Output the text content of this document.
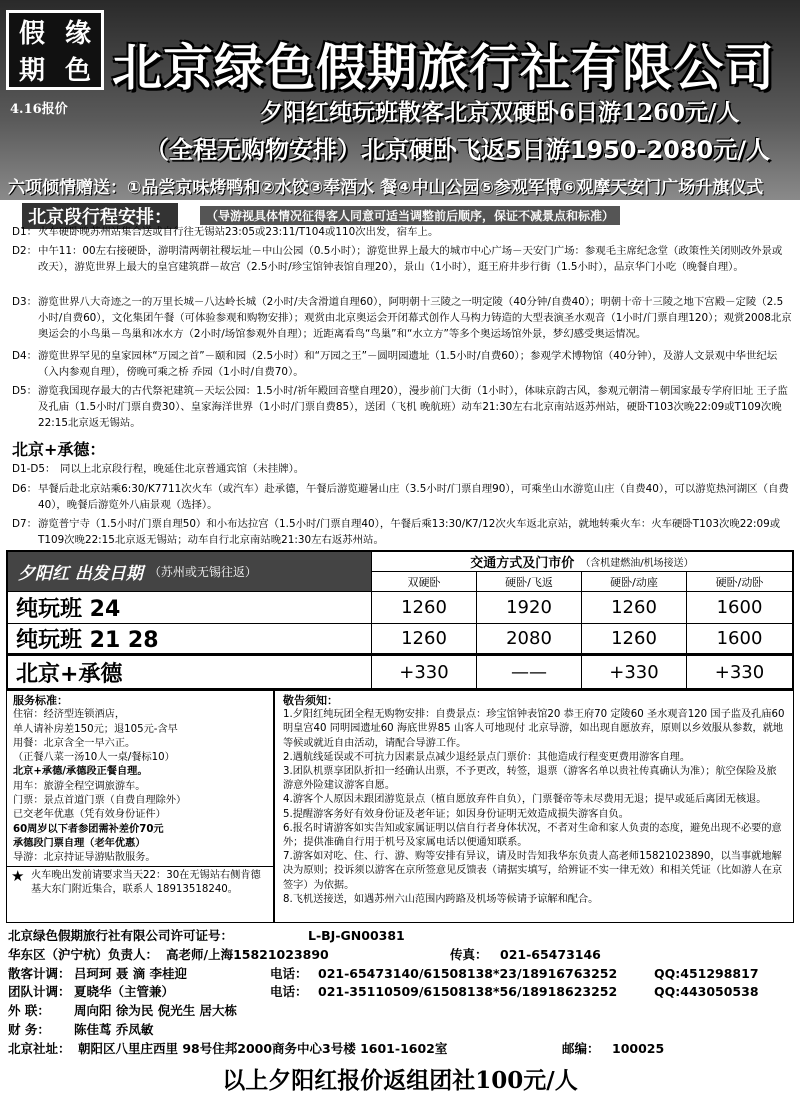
假 缘
期 色
4.16报价
北京绿色假期旅行社有限公司
夕阳红纯玩班散客北京双硬卧6日游1260元/人
（全程无购物安排）北京硬卧飞返5日游1950-2080元/人
六项倾情赠送：①品尝京味烤鸭和②水饺③奉酒水 餐④中山公园⑤参观军博⑥观摩天安门广场升旗仪式
北京段行程安排：	（导游视具体情况征得客人同意可适当调整前后顺序，保证不减景点和标准）
D1： 火车硬卧晚苏州站集合送或自行往无锡站23:05或23:11/T104或110次出发，宿车上。
D2： 中午11：00左右接硬卧，游明清两朝社稷坛址－中山公园（0.5小时）；游览世界上最大的城市中心广场－天安门广场：参观毛主席纪念堂（政策性关闭则改外景或改天），游览世界上最大的皇宫建筑群－故宫（2.5小时/珍宝馆钟表馆自理20），景山（1小时），逛王府井步行街（1.5小时），品京华门小吃（晚餐自理）。
D3： 游览世界八大奇迹之一的万里长城－八达岭长城（2小时/夫含滑道自理60），阿明朝十三陵之一明定陵（40分钟/自费40）；明朝十帝十三陵之地下宫殿－定陵（2.5小时/自费60），文化集团午餐（可体验参观和购物安排）；观赏由北京奥运会开闭幕式创作人马构力铸造的大型表演圣水观音（1小时/门票自理120）；观赏2008北京奥运会的小鸟巢－鸟巢和冰水方（2小时/场馆参观外自理）；近距离看鸟“鸟巢”和“水立方”等多个奥运场馆外景，梦幻感受奥运情况。
D4： 游览世界罕见的皇家园林“万园之首”－颐和园（2.5小时）和“万园之王”－圆明园遗址（1.5小时/自费60）；参观学术博物馆（40分钟），及游人文景观中华世纪坛（入内参观自理），傍晚可乘之桥 乔园（1小时/自费70）。
D5： 游览我国现存最大的古代祭祀建筑－天坛公园：1.5小时/祈年殿回音壁自理20），漫步前门大街（1小时），体味京韵古风，参观元朝清－朝国家最专学府旧址 王子监及孔庙（1.5小时/门票自费30）、皇家海洋世界（1小时/门票自费85），送团（飞机 晚航班）动车21:30左右北京南站返苏州站，硬卧T103次晚22:09或T109次晚22:15北京返无锡站。
北京+承德：
D1-D5： 同以上北京段行程，晚延住北京普通宾馆（未挂牌）。
D6： 早餐后赴北京站乘6:30/K7711次火车（或汽车）赴承德，午餐后游览避暑山庄（3.5小时/门票自理90），可乘坐山水游览山庄（自费40），可以游览热河湖区（自费40），晚餐后游览外八庙景观（选择）。
D7： 游览普宁寺（1.5小时/门票自理50）和小布达拉宫（1.5小时/门票自理40），午餐后乘13:30/K7/12次火车返北京站，就地转乘火车：火车硬卧T103次晚22:09或T109次晚22:15北京返无锡站；动车自行北京南站晚21:30左右返苏州站。
夕阳红 出发日期 （苏州或无锡往返）
交通方式及门市价 （含机建燃油/机场接送）
双硬卧	硬卧/飞返	硬卧/动座	硬卧/动卧
纯玩班 24	1260	1920	1260	1600
纯玩班 21 28	1260	2080	1260	1600
北京+承德	+330	——	+330	+330
服务标准：
住宿：经济型连锁酒店，
单人请补房差150元；退105元-含早
用餐：北京含全一早六正。
（正餐八菜一汤10人一桌/餐标10）
北京+承德/承德段正餐自理。
用车：旅游全程空调旅游车。
门票：景点首道门票（自费自理除外）
已交老年优惠（凭有效身份证件）
60周岁以下者参团需补差价70元
承德段门票自理（老年优惠）
导游：北京持证导游贴散服务。
★ 火车晚出发前请要求当天22：30在无锡站右侧肯德基大东门附近集合，联系人 18913518240。
敬告须知：
1.夕阳红纯玩团全程无购物安排：自费景点：珍宝馆钟表馆20 恭王府70 定陵60 圣水观音120 国子监及孔庙60 明皇宫40 同明园遗址60 海底世界85 山客人可地现付 北京导游，如出现自愿放弃，原则以乡效服从参数，就地等候或就近自由活动，请配合导游工作。
2.遇航线延误或不可抗力因素景点减少退经景点门票价：其他造成行程变更费用游客自理。
3.团队机票享团队折扣一经确认出票，不予更改，转签，退票（游客名单以贵社传真确认为准）；航空保险及旅游意外险建议游客自愿。
4.游客个人原因未跟团游览景点（植自愿放弃件自负），门票餐帝等未尽费用无退；提早或延后离团无核退。
5.提醒游客务好有效身份证及老年证；如因身份证明无效造成损失游客自负。
6.报名时请游客如实告知或家属证明以信自行者身体状况，不者对生命和家人负责的态度，避免出现不必要的意外；提供准确自行用于机号及家属电话以便通知联系。
7.游客如对吃、住、行、游、购等安排有异议，请及时告知我华东负责人高老师15821023890，以当事就地解决为原则；投诉须以游客在京所签意见反馈表（请据实填写，给辨证不实一律无效）和相关凭证（比如游人在京签字）为依据。
8.飞机送接送，如遇苏州六山范围内跨路及机场等候请予谅解和配合。
北京绿色假期旅行社有限公司许可证号：	L-BJ-GN00381
华东区（沪宁杭）负责人： 高老师/上海15821023890	传真： 021-65473146
散客计调： 吕珂珂 聂 滴 李桂迎	电话： 021-65473140/61508138*23/18916763252	QQ:451298817
团队计调： 夏晓华（主管兼）	电话： 021-35110509/61508138*56/18918623252	QQ:443050538
外 联： 周向阳 徐为民 倪光生 居大栋
财 务： 陈佳茑 乔凤敏
北京社址： 朝阳区八里庄西里 98号住邦2000商务中心3号楼 1601-1602室	邮编： 100025
以上夕阳红报价返组团社100元/人
